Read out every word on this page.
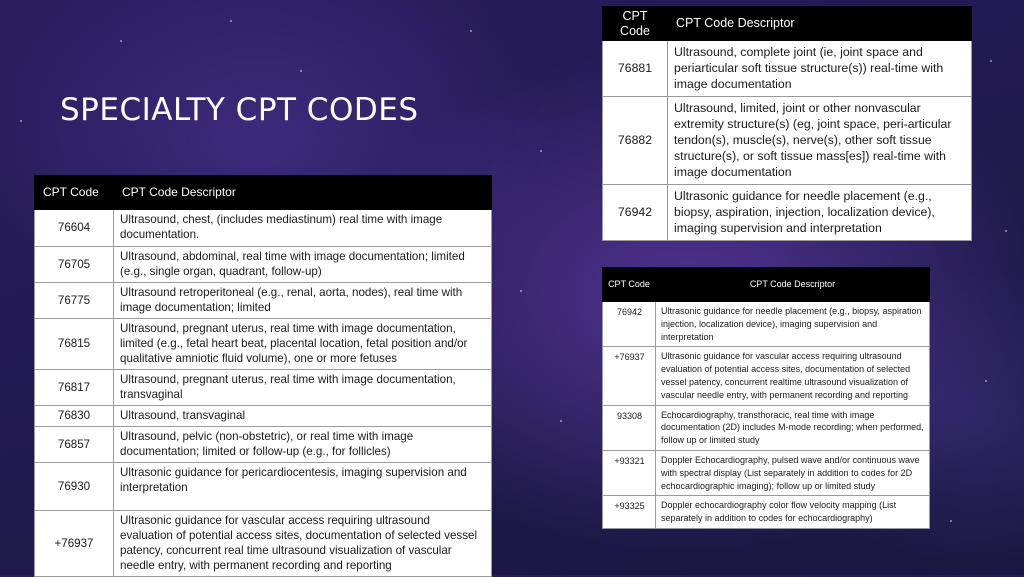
SPECIALTY CPT CODES
CPT Code	CPT Code Descriptor
76604	Ultrasound, chest, (includes mediastinum) real time with image documentation.
76705	Ultrasound, abdominal, real time with image documentation; limited (e.g., single organ, quadrant, follow-up)
76775	Ultrasound retroperitoneal (e.g., renal, aorta, nodes), real time with image documentation; limited
76815	Ultrasound, pregnant uterus, real time with image documentation, limited (e.g., fetal heart beat, placental location, fetal position and/or qualitative amniotic fluid volume), one or more fetuses
76817	Ultrasound, pregnant uterus, real time with image documentation, transvaginal
76830	Ultrasound, transvaginal
76857	Ultrasound, pelvic (non-obstetric), or real time with image documentation; limited or follow-up (e.g., for follicles)
76930	Ultrasonic guidance for pericardiocentesis, imaging supervision and interpretation
+76937	Ultrasonic guidance for vascular access requiring ultrasound evaluation of potential access sites, documentation of selected vessel patency, concurrent real time ultrasound visualization of vascular needle entry, with permanent recording and reporting
CPT Code	CPT Code Descriptor
76881	Ultrasound, complete joint (ie, joint space and periarticular soft tissue structure(s)) real-time with image documentation
76882	Ultrasound, limited, joint or other nonvascular extremity structure(s) (eg, joint space, peri-articular tendon(s), muscle(s), nerve(s), other soft tissue structure(s), or soft tissue mass[es]) real-time with image documentation
76942	Ultrasonic guidance for needle placement (e.g., biopsy, aspiration, injection, localization device), imaging supervision and interpretation
CPT Code	CPT Code Descriptor
76942	Ultrasonic guidance for needle placement (e.g., biopsy, aspiration injection, localization device), imaging supervision and interpretation
+76937	Ultrasonic guidance for vascular access requiring ultrasound evaluation of potential access sites, documentation of selected vessel patency, concurrent realtime ultrasound visualization of vascular needle entry, with permanent recording and reporting
93308	Echocardiography, transthoracic, real time with image documentation (2D) includes M-mode recording; when performed, follow up or limited study
+93321	Doppler Echocardiography, pulsed wave and/or continuous wave with spectral display (List separately in addition to codes for 2D echocardiographic imaging); follow up or limited study
+93325	Doppler echocardiography color flow velocity mapping (List separately in addition to codes for echocardiography)
